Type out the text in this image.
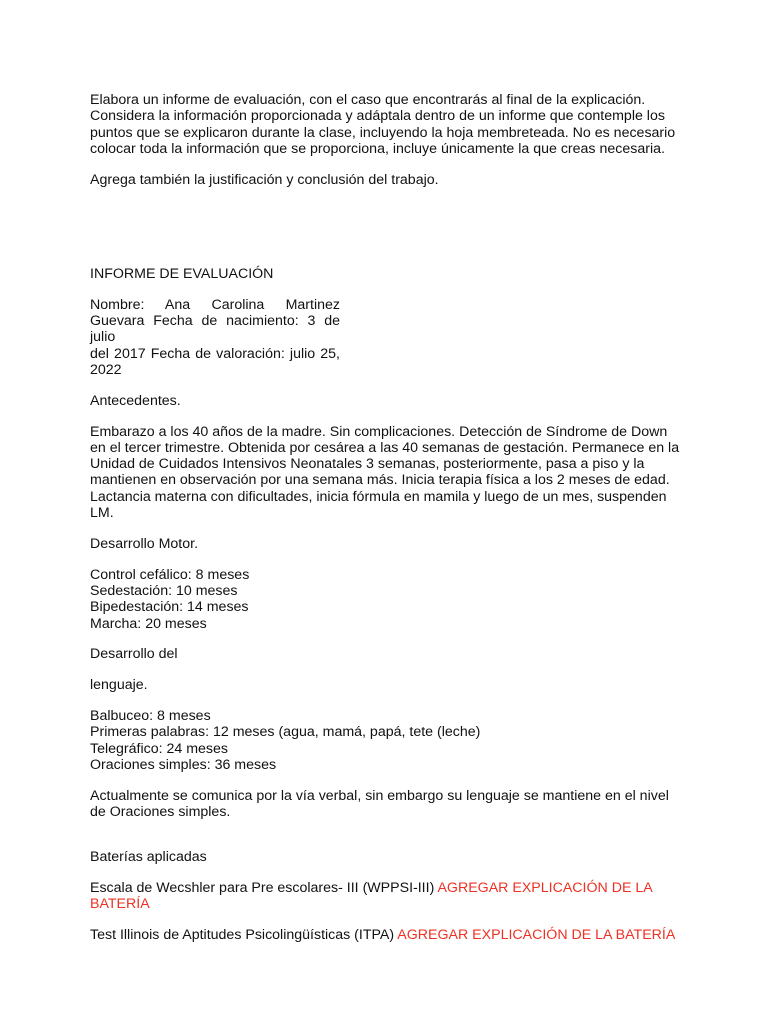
Elabora un informe de evaluación, con el caso que encontrarás al final de la explicación. Considera la información proporcionada y adáptala dentro de un informe que contemple los puntos que se explicaron durante la clase, incluyendo la hoja membreteada. No es necesario colocar toda la información que se proporciona, incluye únicamente la que creas necesaria.

Agrega también la justificación y conclusión del trabajo.

INFORME DE EVALUACIÓN

Nombre: Ana Carolina Martinez
Guevara Fecha de nacimiento: 3 de julio
del 2017 Fecha de valoración: julio 25,
2022

Antecedentes.

Embarazo a los 40 años de la madre. Sin complicaciones. Detección de Síndrome de Down en el tercer trimestre. Obtenida por cesárea a las 40 semanas de gestación. Permanece en la Unidad de Cuidados Intensivos Neonatales 3 semanas, posteriormente, pasa a piso y la mantienen en observación por una semana más. Inicia terapia física a los 2 meses de edad. Lactancia materna con dificultades, inicia fórmula en mamila y luego de un mes, suspenden LM.

Desarrollo Motor.

Control cefálico: 8 meses
Sedestación: 10 meses
Bipedestación: 14 meses
Marcha: 20 meses

Desarrollo del

lenguaje.

Balbuceo: 8 meses
Primeras palabras: 12 meses (agua, mamá, papá, tete (leche)
Telegráfico: 24 meses
Oraciones simples: 36 meses

Actualmente se comunica por la vía verbal, sin embargo su lenguaje se mantiene en el nivel de Oraciones simples.

Baterías aplicadas

Escala de Wecshler para Pre escolares- III (WPPSI-III) AGREGAR EXPLICACIÓN DE LA BATERÍA

Test Illinois de Aptitudes Psicolingüísticas (ITPA) AGREGAR EXPLICACIÓN DE LA BATERÍA
